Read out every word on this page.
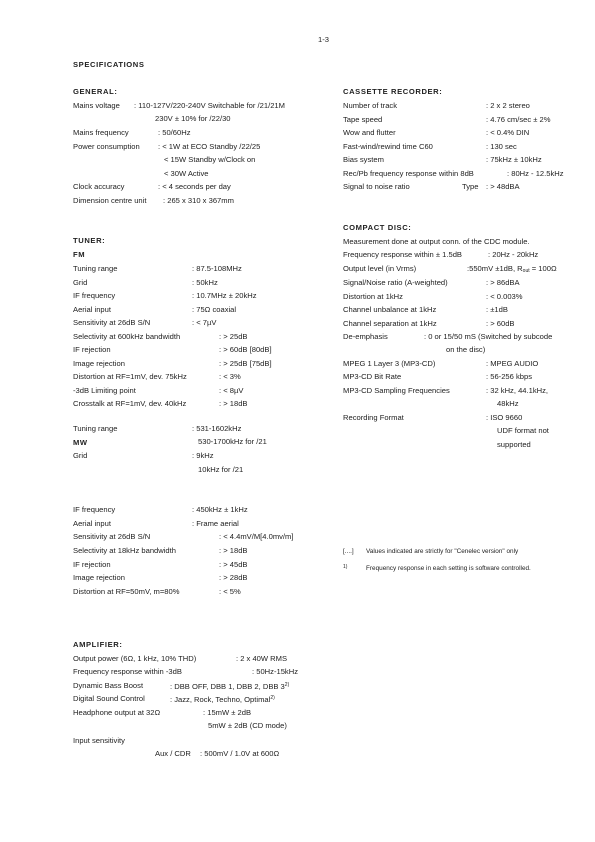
1-3
SPECIFICATIONS
GENERAL:
Mains voltage : 110-127V/220-240V Switchable for /21/21M
230V ± 10% for /22/30
Mains frequency	: 50/60Hz
Power consumption : < 1W at ECO Standby /22/25
< 15W Standby w/Clock on
< 30W Active
Clock accuracy	: < 4 seconds per day
Dimension centre unit : 265 x 310 x 367mm
TUNER:
FM
Tuning range	: 87.5-108MHz
Grid	: 50kHz
IF frequency	: 10.7MHz ± 20kHz
Aerial input	: 75Ω coaxial
Sensitivity at 26dB S/N	: < 7µV
Selectivity at 600kHz bandwidth	: > 25dB
IF rejection	: > 60dB [80dB]
Image rejection	: > 25dB [75dB]
Distortion at RF=1mV, dev. 75kHz	: < 3%
-3dB Limiting point	: < 8µV
Crosstalk at RF=1mV, dev. 40kHz	: > 18dB
MW
Tuning range	: 531-1602kHz
530-1700kHz for /21
Grid	: 9kHz
10kHz for /21
IF frequency	: 450kHz ± 1kHz
Aerial input	: Frame aerial
Sensitivity at 26dB S/N	: < 4.4mV/M[4.0mv/m]
Selectivity at 18kHz bandwidth	: > 18dB
IF rejection	: > 45dB
Image rejection	: > 28dB
Distortion at RF=50mV, m=80%	: < 5%
AMPLIFIER:
Output power (6Ω, 1 kHz, 10% THD)	: 2 x 40W RMS
Frequency response within -3dB	: 50Hz-15kHz
Dynamic Bass Boost	: DBB OFF, DBB 1, DBB 2, DBB 3$^{2)}$
Digital Sound Control	: Jazz, Rock, Techno, Optimal$^{2)}$
Headphone output at 32Ω	: 15mW ± 2dB
5mW ± 2dB (CD mode)
Input sensitivity
Aux / CDR : 500mV / 1.0V at 600Ω
CASSETTE RECORDER:
Number of track	: 2 x 2 stereo
Tape speed	: 4.76 cm/sec ± 2%
Wow and flutter	: < 0.4% DIN
Fast-wind/rewind time C60	: 130 sec
Bias system	: 75kHz ± 10kHz
Rec/Pb frequency response within 8dB	: 80Hz - 12.5kHz
Signal to noise ratio	Type : > 48dBA
COMPACT DISC:
Measurement done at output conn. of the CDC module.
Frequency response within ± 1.5dB	: 20Hz - 20kHz
Output level (in Vrms)	:550mV ±1dB, $R_{out} = 100\Omega$
Signal/Noise ratio (A-weighted)	: > 86dBA
Distortion at 1kHz	: < 0.003%
Channel unbalance at 1kHz	: ±1dB
Channel separation at 1kHz	: > 60dB
De-emphasis	: 0 or 15/50 mS (Switched by subcode
on the disc)
MPEG 1 Layer 3 (MP3-CD)	: MPEG AUDIO
MP3-CD Bit Rate	: 56-256 kbps
MP3-CD Sampling Frequencies	: 32 kHz, 44.1kHz,
48kHz
Recording Format	: ISO 9660
UDF format not
supported
[....] Values indicated are strictly for "Cenelec version" only
1)	Frequency response in each setting is software controlled.
